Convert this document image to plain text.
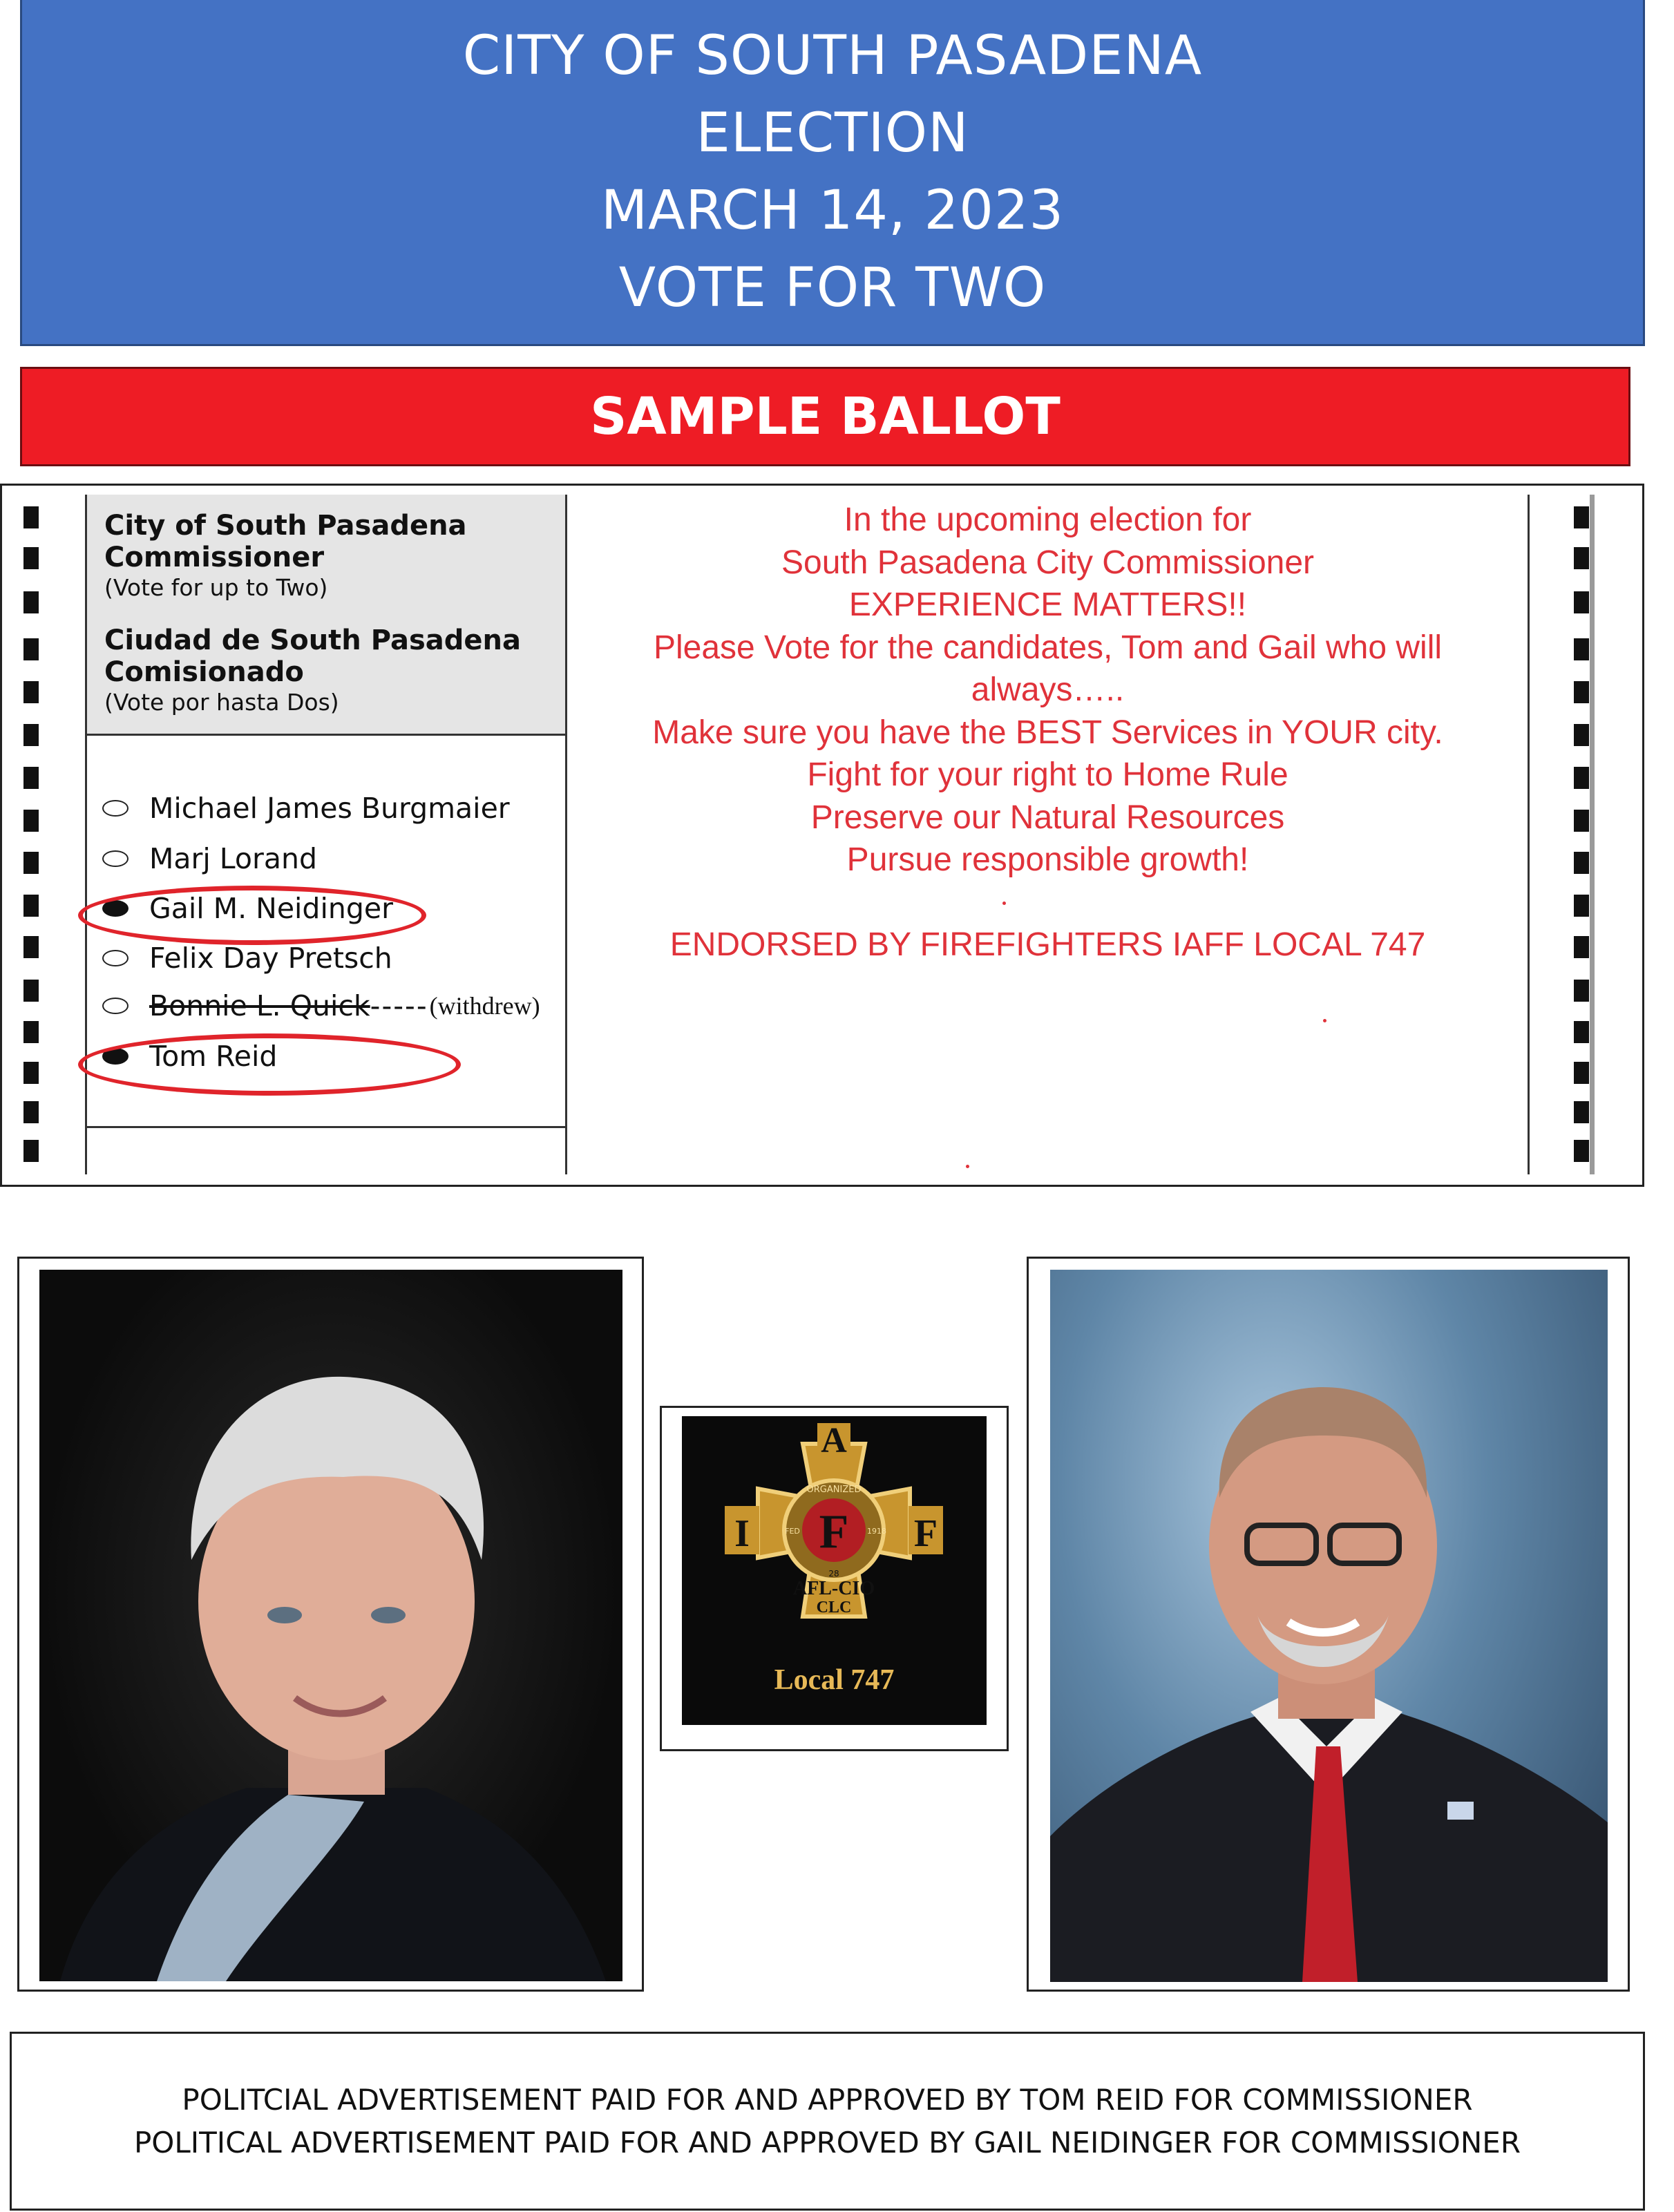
CITY OF SOUTH PASADENA
ELECTION
MARCH 14, 2023
VOTE FOR TWO
SAMPLE BALLOT
City of South Pasadena
Commissioner
(Vote for up to Two)
Ciudad de South Pasadena
Comisionado
(Vote por hasta Dos)
Michael James Burgmaier
Marj Lorand
Gail M. Neidinger
Felix Day Pretsch
Bonnie L. Quick ----- (withdrew)
Tom Reid
In the upcoming election for
South Pasadena City Commissioner
EXPERIENCE MATTERS!!
Please Vote for the candidates, Tom and Gail who will
always…..
Make sure you have the BEST Services in YOUR city.
Fight for your right to Home Rule
Preserve our Natural Resources
Pursue responsible growth!
ENDORSED BY FIREFIGHTERS IAFF LOCAL 747
A
I F F
ORGANIZED
FED	1918
28
AFL-CIO
CLC
Local 747
POLITCIAL ADVERTISEMENT PAID FOR AND APPROVED BY TOM REID FOR COMMISSIONER
POLITICAL ADVERTISEMENT PAID FOR AND APPROVED BY GAIL NEIDINGER FOR COMMISSIONER
